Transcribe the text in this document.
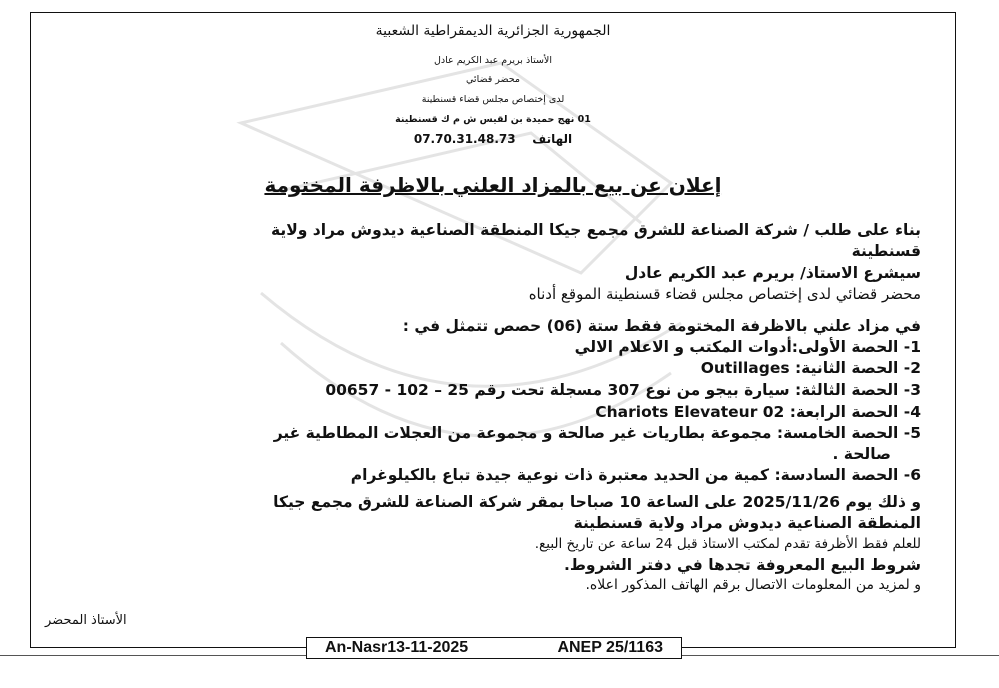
الجمهورية الجزائرية الديمقراطية الشعبية
الأستاذ بريرم عبد الكريم عادل
محضر قضائي
لدى إختصاص مجلس قضاء قسنطينة
01 نهج حميدة بن لقيس ش م ك قسنطينة
الهاتف    07.70.31.48.73
إعلان عن بيع بالمزاد العلني بالاظرفة المختومة
بناء على طلب / شركة الصناعة للشرق مجمع جيكا المنطقة الصناعية ديدوش مراد ولاية
قسنطينة
سيشرع الاستاذ/ بريرم عبد الكريم عادل
محضر قضائي لدى إختصاص مجلس قضاء قسنطينة الموقع أدناه
في مزاد علني بالاظرفة المختومة فقط ستة (06) حصص تتمثل في :
1- الحصة الأولى:أدوات المكتب و الاعلام الالي
2- الحصة الثانية: Outillages
3- الحصة الثالثة: سيارة بيجو من نوع 307 مسجلة تحت رقم 25 – 102 - 00657
4- الحصة الرابعة: 02 Chariots Elevateur
5- الحصة الخامسة: مجموعة بطاريات غير صالحة و مجموعة من العجلات المطاطية غير
صالحة .
6- الحصة السادسة: كمية من الحديد معتبرة ذات نوعية جيدة تباع بالكيلوغرام
و ذلك يوم 2025/11/26 على الساعة 10 صباحا بمقر شركة الصناعة للشرق مجمع جيكا
المنطقة الصناعية ديدوش مراد ولاية قسنطينة
للعلم فقط الأظرفة تقدم لمكتب الاستاذ قبل 24 ساعة عن تاريخ البيع.
شروط البيع المعروفة تجدها في دفتر الشروط.
و لمزيد من المعلومات الاتصال برقم الهاتف المذكور اعلاه.
الأستاذ المحضر
An-Nasr13-11-2025	ANEP 25/1163
